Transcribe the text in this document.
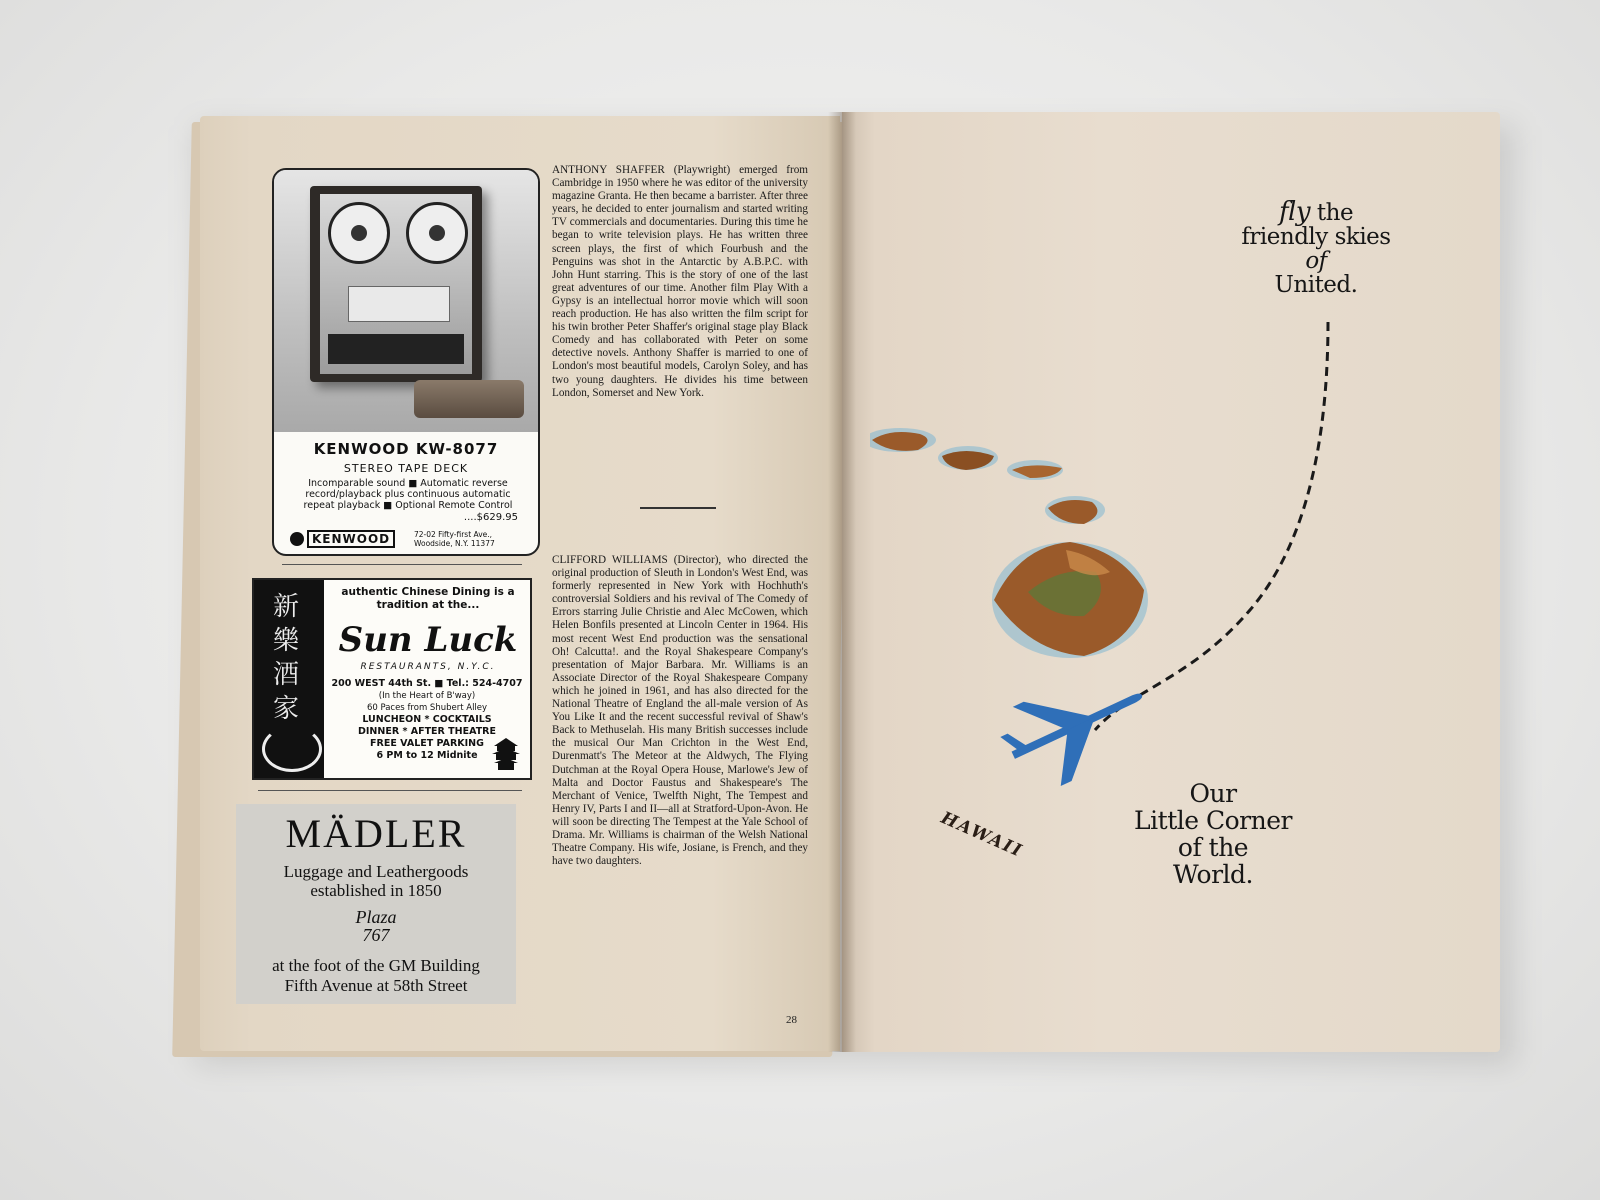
KENWOOD KW-8077
STEREO TAPE DECK
Incomparable sound ■ Automatic reverse record/playback plus continuous automatic repeat playback ■ Optional Remote Control
....$629.95
KENWOOD	72-02 Fifty-first Ave.,
Woodside, N.Y. 11377
新
樂
酒
家
authentic Chinese Dining is a tradition at the...
Sun Luck
RESTAURANTS, N.Y.C.
200 WEST 44th St. ■ Tel.: 524-4707
(In the Heart of B'way)
60 Paces from Shubert Alley
LUNCHEON * COCKTAILS
DINNER * AFTER THEATRE
FREE VALET PARKING
6 PM to 12 Midnite
MÄDLER
Luggage and Leathergoods
established in 1850
Plaza
767
at the foot of the GM Building
Fifth Avenue at 58th Street
ANTHONY SHAFFER (Playwright) emerged from Cambridge in 1950 where he was editor of the university magazine Granta. He then became a barrister. After three years, he decided to enter journalism and started writing TV commercials and documentaries. During this time he began to write television plays. He has written three screen plays, the first of which Fourbush and the Penguins was shot in the Antarctic by A.B.P.C. with John Hunt starring. This is the story of one of the last great adventures of our time. Another film Play With a Gypsy is an intellectual horror movie which will soon reach production. He has also written the film script for his twin brother Peter Shaffer's original stage play Black Comedy and has collaborated with Peter on some detective novels. Anthony Shaffer is married to one of London's most beautiful models, Carolyn Soley, and has two young daughters. He divides his time between London, Somerset and New York.
CLIFFORD WILLIAMS (Director), who directed the original production of Sleuth in London's West End, was formerly represented in New York with Hochhuth's controversial Soldiers and his revival of The Comedy of Errors starring Julie Christie and Alec McCowen, which Helen Bonfils presented at Lincoln Center in 1964. His most recent West End production was the sensational Oh! Calcutta!. and the Royal Shakespeare Company's presentation of Major Barbara. Mr. Williams is an Associate Director of the Royal Shakespeare Company which he joined in 1961, and has also directed for the National Theatre of England the all-male version of As You Like It and the recent successful revival of Shaw's Back to Methuselah. His many British successes include the musical Our Man Crichton in the West End, Durenmatt's The Meteor at the Aldwych, The Flying Dutchman at the Royal Opera House, Marlowe's Jew of Malta and Doctor Faustus and Shakespeare's The Merchant of Venice, Twelfth Night, The Tempest and Henry IV, Parts I and II—all at Stratford-Upon-Avon. He will soon be directing The Tempest at the Yale School of Drama. Mr. Williams is chairman of the Welsh National Theatre Company. His wife, Josiane, is French, and they have two daughters.
28
fly the
friendly skies
of
United.
HAWAII
Our
Little Corner
of the
World.
